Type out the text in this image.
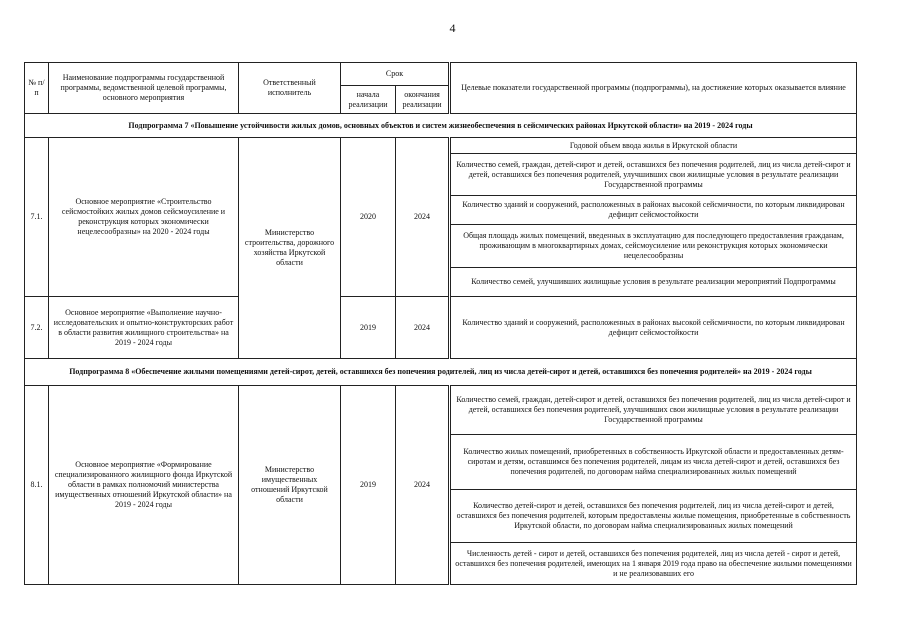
4
№ п/п	Наименование подпрограммы государственной программы, ведомственной целевой программы, основного мероприятия	Ответственный исполнитель	Срок		Целевые показатели государственной программы (подпрограммы), на достижение которых оказывается влияние
			начала реализации	окончания реализации	
Подпрограмма 7 «Повышение устойчивости жилых домов, основных объектов и систем жизнеобеспечения в сейсмических районах Иркутской области» на 2019 - 2024 годы					
7.1.	Основное мероприятие «Строительство сейсмостойких жилых домов сейсмоусиление и реконструкция которых экономически нецелесообразны» на 2020 - 2024 годы	Министерство строительства, дорожного хозяйства Иркутской области	2020	2024	Годовой объем ввода жилья в Иркутской области
					Количество семей, граждан, детей-сирот и детей, оставшихся без попечения родителей, лиц из числа детей-сирот и детей, оставшихся без попечения родителей, улучшивших свои жилищные условия в результате реализации Государственной программы
					Количество зданий и сооружений, расположенных в районах высокой сейсмичности, по которым ликвидирован дефицит сейсмостойкости
					Общая площадь жилых помещений, введенных в эксплуатацию для последующего предоставления гражданам, проживающим в многоквартирных домах, сейсмоусиление или реконструкция которых экономически нецелесообразны
					Количество семей, улучшивших жилищные условия в результате реализации мероприятий Подпрограммы
7.2.	Основное мероприятие «Выполнение научно-исследовательских и опытно-конструкторских работ в области развития жилищного строительства» на 2019 - 2024 годы		2019	2024	Количество зданий и сооружений, расположенных в районах высокой сейсмичности, по которым ликвидирован дефицит сейсмостойкости
Подпрограмма 8 «Обеспечение жилыми помещениями детей-сирот, детей, оставшихся без попечения родителей, лиц из числа детей-сирот и детей, оставшихся без попечения родителей» на 2019 - 2024 годы					
8.1.	Основное мероприятие «Формирование специализированного жилищного фонда Иркутской области в рамках полномочий министерства имущественных отношений Иркутской области» на 2019 - 2024 годы	Министерство имущественных отношений Иркутской области	2019	2024	Количество семей, граждан, детей-сирот и детей, оставшихся без попечения родителей, лиц из числа детей-сирот и детей, оставшихся без попечения родителей, улучшивших свои жилищные условия в результате реализации Государственной программы
					Количество жилых помещений, приобретенных в собственность Иркутской области и предоставленных детям-сиротам и детям, оставшимся без попечения родителей, лицам из числа детей-сирот и детей, оставшихся без попечения родителей, по договорам найма специализированных жилых помещений
					Количество детей-сирот и детей, оставшихся без попечения родителей, лиц из числа детей-сирот и детей, оставшихся без попечения родителей, которым предоставлены жилые помещения, приобретенные в собственность Иркутской области, по договорам найма специализированных жилых помещений
					Численность детей - сирот и детей, оставшихся без попечения родителей, лиц из числа детей - сирот и детей, оставшихся без попечения родителей, имеющих на 1 января 2019 года право на обеспечение жилыми помещениями и не реализовавших его
